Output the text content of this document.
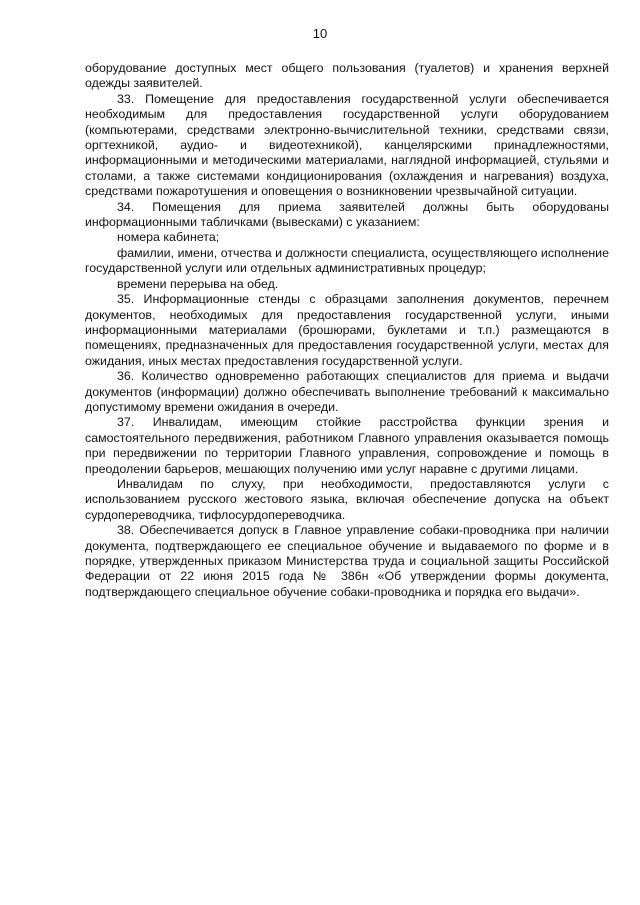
10

оборудование доступных мест общего пользования (туалетов) и хранения верхней одежды заявителей.

33. Помещение для предоставления государственной услуги обеспечивается необходимым для предоставления государственной услуги оборудованием (компьютерами, средствами электронно-вычислительной техники, средствами связи, оргтехникой, аудио- и видеотехникой), канцелярскими принадлежностями, информационными и методическими материалами, наглядной информацией, стульями и столами, а также системами кондиционирования (охлаждения и нагревания) воздуха, средствами пожаротушения и оповещения о возникновении чрезвычайной ситуации.

34. Помещения для приема заявителей должны быть оборудованы информационными табличками (вывесками) с указанием:

номера кабинета;

фамилии, имени, отчества и должности специалиста, осуществляющего исполнение государственной услуги или отдельных административных процедур;

времени перерыва на обед.

35. Информационные стенды с образцами заполнения документов, перечнем документов, необходимых для предоставления государственной услуги, иными информационными материалами (брошюрами, буклетами и т.п.) размещаются в помещениях, предназначенных для предоставления государственной услуги, местах для ожидания, иных местах предоставления государственной услуги.

36. Количество одновременно работающих специалистов для приема и выдачи документов (информации) должно обеспечивать выполнение требований к максимально допустимому времени ожидания в очереди.

37. Инвалидам, имеющим стойкие расстройства функции зрения и самостоятельного передвижения, работником Главного управления оказывается помощь при передвижении по территории Главного управления, сопровождение и помощь в преодолении барьеров, мешающих получению ими услуг наравне с другими лицами.

Инвалидам по слуху, при необходимости, предоставляются услуги с использованием русского жестового языка, включая обеспечение допуска на объект сурдопереводчика, тифлосурдопереводчика.

38. Обеспечивается допуск в Главное управление собаки-проводника при наличии документа, подтверждающего ее специальное обучение и выдаваемого по форме и в порядке, утвержденных приказом Министерства труда и социальной защиты Российской Федерации от 22 июня 2015 года № 386н «Об утверждении формы документа, подтверждающего специальное обучение собаки-проводника и порядка его выдачи».
